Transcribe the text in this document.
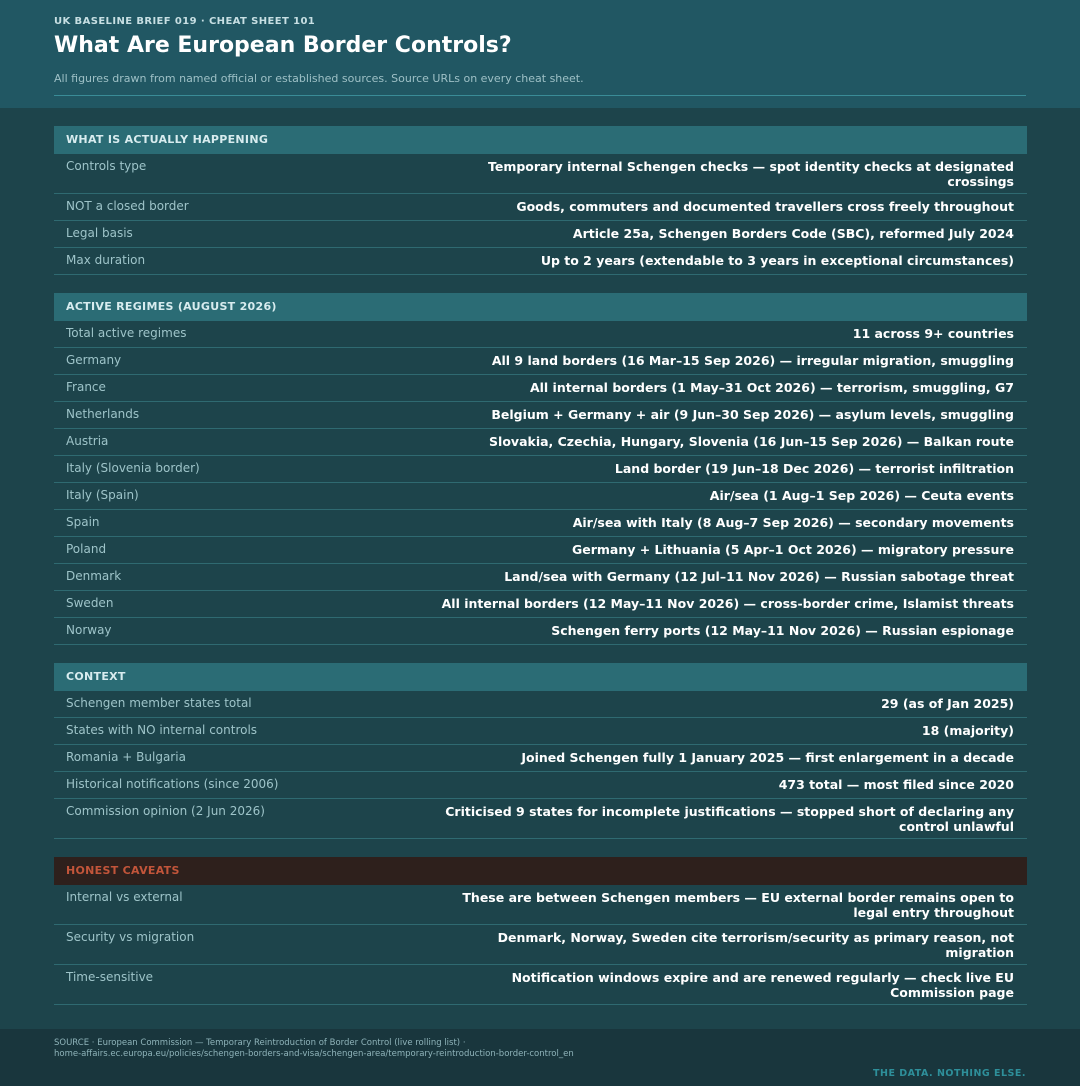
UK BASELINE BRIEF 019 · CHEAT SHEET 101
What Are European Border Controls?
All figures drawn from named official or established sources. Source URLs on every cheat sheet.
WHAT IS ACTUALLY HAPPENING
Controls type	Temporary internal Schengen checks — spot identity checks at designated crossings
NOT a closed border	Goods, commuters and documented travellers cross freely throughout
Legal basis	Article 25a, Schengen Borders Code (SBC), reformed July 2024
Max duration	Up to 2 years (extendable to 3 years in exceptional circumstances)
ACTIVE REGIMES (AUGUST 2026)
Total active regimes	11 across 9+ countries
Germany	All 9 land borders (16 Mar–15 Sep 2026) — irregular migration, smuggling
France	All internal borders (1 May–31 Oct 2026) — terrorism, smuggling, G7
Netherlands	Belgium + Germany + air (9 Jun–30 Sep 2026) — asylum levels, smuggling
Austria	Slovakia, Czechia, Hungary, Slovenia (16 Jun–15 Sep 2026) — Balkan route
Italy (Slovenia border)	Land border (19 Jun–18 Dec 2026) — terrorist infiltration
Italy (Spain)	Air/sea (1 Aug–1 Sep 2026) — Ceuta events
Spain	Air/sea with Italy (8 Aug–7 Sep 2026) — secondary movements
Poland	Germany + Lithuania (5 Apr–1 Oct 2026) — migratory pressure
Denmark	Land/sea with Germany (12 Jul–11 Nov 2026) — Russian sabotage threat
Sweden	All internal borders (12 May–11 Nov 2026) — cross-border crime, Islamist threats
Norway	Schengen ferry ports (12 May–11 Nov 2026) — Russian espionage
CONTEXT
Schengen member states total	29 (as of Jan 2025)
States with NO internal controls	18 (majority)
Romania + Bulgaria	Joined Schengen fully 1 January 2025 — first enlargement in a decade
Historical notifications (since 2006)	473 total — most filed since 2020
Commission opinion (2 Jun 2026)	Criticised 9 states for incomplete justifications — stopped short of declaring any control unlawful
HONEST CAVEATS
Internal vs external	These are between Schengen members — EU external border remains open to legal entry throughout
Security vs migration	Denmark, Norway, Sweden cite terrorism/security as primary reason, not migration
Time-sensitive	Notification windows expire and are renewed regularly — check live EU Commission page
SOURCE · European Commission — Temporary Reintroduction of Border Control (live rolling list) ·
home-affairs.ec.europa.eu/policies/schengen-borders-and-visa/schengen-area/temporary-reintroduction-border-control_en
THE DATA. NOTHING ELSE.
